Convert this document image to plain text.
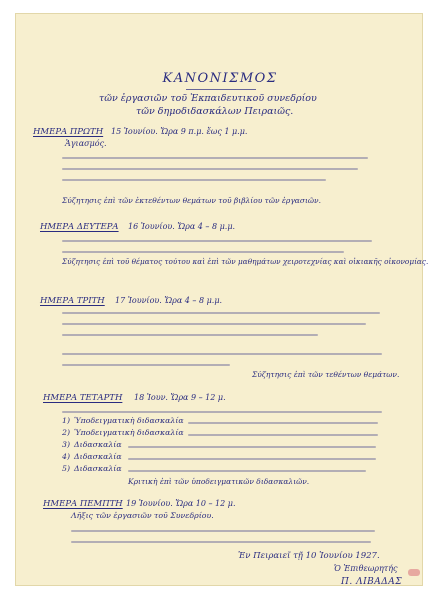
ΚΑΝΟΝΙΣΜΟΣ
τῶν ἐργασιῶν τοῦ Ἐκπαιδευτικοῦ συνεδρίου
τῶν δημοδιδασκάλων Πειραιῶς.
ΗΜΕΡΑ ΠΡΩΤΗ 15 Ἰουνίου. Ὥρα 9 π.μ. ἕως 1 μ.μ.
Ἁγιασμός.
Σύζητησις ἐπὶ τῶν ἐκτεθέντων θεμάτων τοῦ βιβλίου τῶν ἐργασιῶν.
ΗΜΕΡΑ ΔΕΥΤΕΡΑ 16 Ἰουνίου. Ὥρα 4 – 8 μ.μ.
Σύζητησις ἐπὶ τοῦ θέματος τούτου καὶ ἐπὶ τῶν μαθημάτων χειροτεχνίας καὶ οἰκιακῆς οἰκονομίας.
ΗΜΕΡΑ ΤΡΙΤΗ 17 Ἰουνίου. Ὥρα 4 – 8 μ.μ.
Σύζητησις ἐπὶ τῶν τεθέντων θεμάτων.
ΗΜΕΡΑ ΤΕΤΑΡΤΗ 18 Ἰουν. Ὥρα 9 – 12 μ.
1) Ὑποδειγματικὴ διδασκαλία
2) Ὑποδειγματικὴ διδασκαλία
3) Διδασκαλία
4) Διδασκαλία
5) Διδασκαλία
Κριτικὴ ἐπὶ τῶν ὑποδειγματικῶν διδασκαλιῶν.
ΗΜΕΡΑ ΠΕΜΠΤΗ 19 Ἰουνίου. Ὥρα 10 – 12 μ.
Λῆξις τῶν ἐργασιῶν τοῦ Συνεδρίου.
Ἐν Πειραιεῖ τῇ 10 Ἰουνίου 1927.
Ὁ Ἐπιθεωρητής
Π. ΛΙΒΑΔΑΣ
